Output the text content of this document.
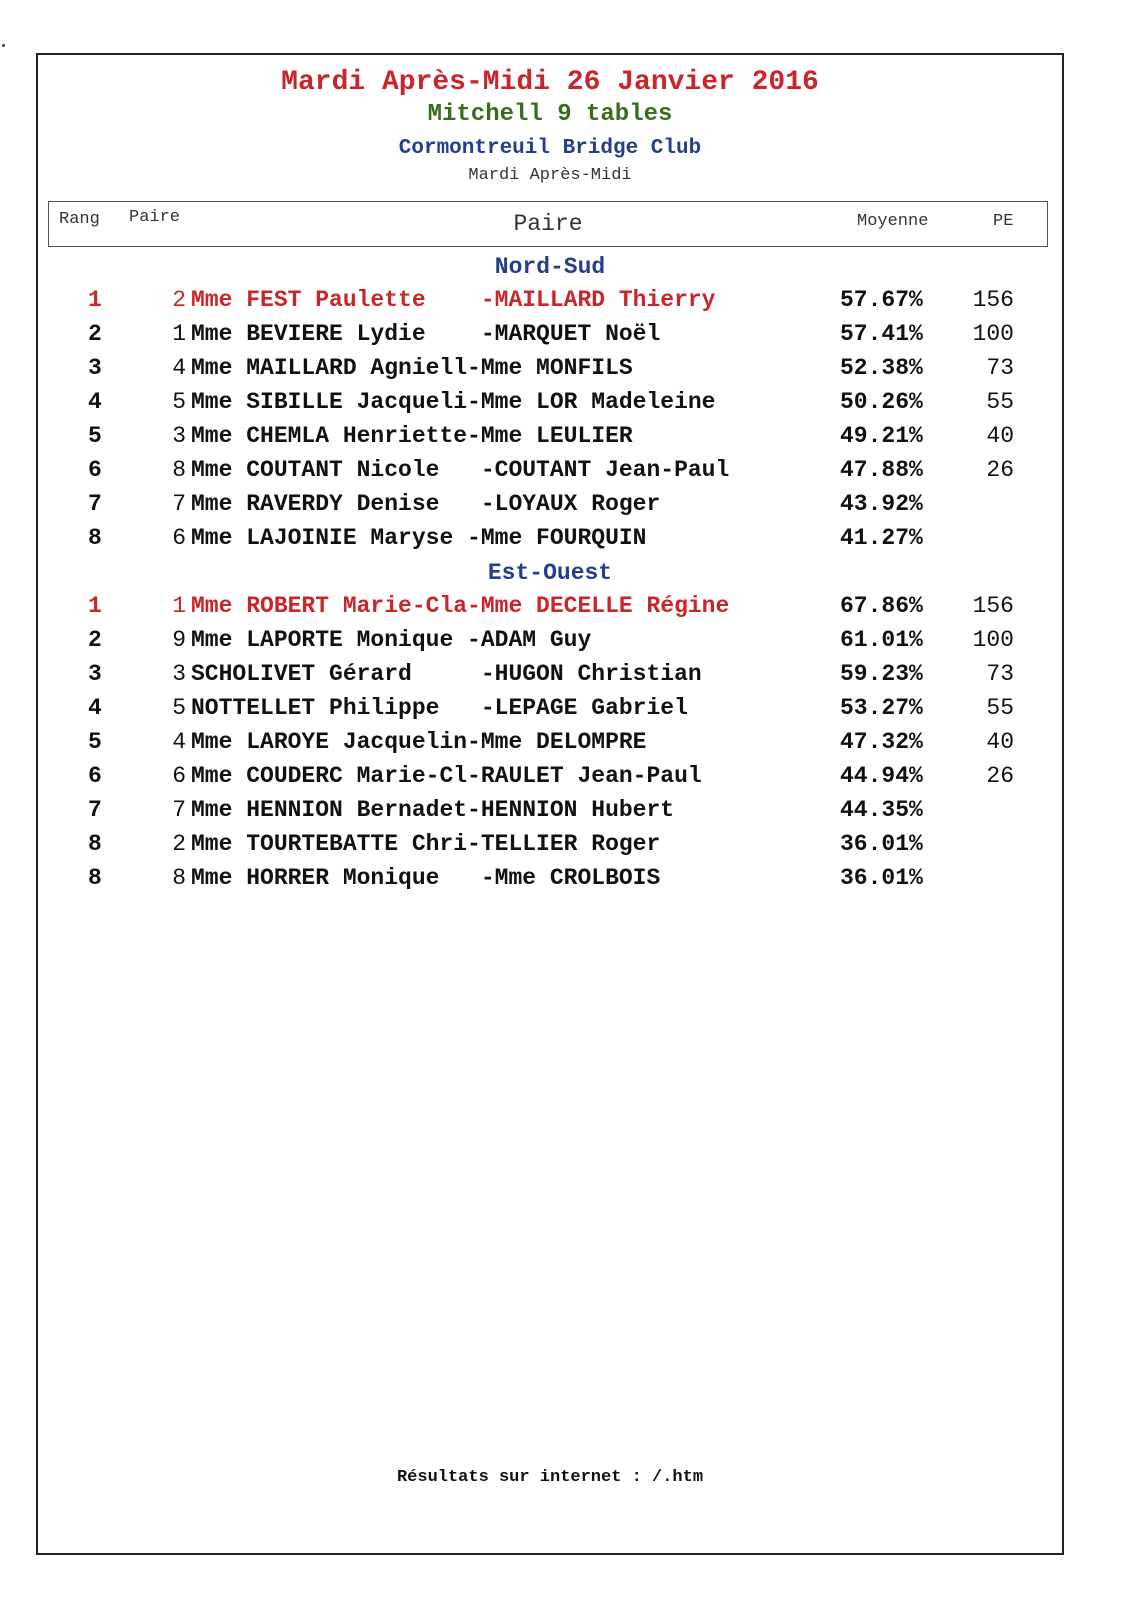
Mardi Après-Midi 26 Janvier 2016
Mitchell 9 tables
Cormontreuil Bridge Club
Mardi Après-Midi
Rang Paire	Paire	Moyenne	PE
Nord-Sud
1	2 Mme FEST Paulette    -MAILLARD Thierry	57.67%	156
2	1 Mme BEVIERE Lydie    -MARQUET Noël	57.41%	100
3	4 Mme MAILLARD Agniell-Mme MONFILS	52.38%	73
4	5 Mme SIBILLE Jacqueli-Mme LOR Madeleine	50.26%	55
5	3 Mme CHEMLA Henriette-Mme LEULIER	49.21%	40
6	8 Mme COUTANT Nicole   -COUTANT Jean-Paul	47.88%	26
7	7 Mme RAVERDY Denise   -LOYAUX Roger	43.92%
8	6 Mme LAJOINIE Maryse -Mme FOURQUIN	41.27%
Est-Ouest
1	1 Mme ROBERT Marie-Cla-Mme DECELLE Régine	67.86%	156
2	9 Mme LAPORTE Monique -ADAM Guy	61.01%	100
3	3 SCHOLIVET Gérard     -HUGON Christian	59.23%	73
4	5 NOTTELLET Philippe   -LEPAGE Gabriel	53.27%	55
5	4 Mme LAROYE Jacquelin-Mme DELOMPRE	47.32%	40
6	6 Mme COUDERC Marie-Cl-RAULET Jean-Paul	44.94%	26
7	7 Mme HENNION Bernadet-HENNION Hubert	44.35%
8	2 Mme TOURTEBATTE Chri-TELLIER Roger	36.01%
8	8 Mme HORRER Monique   -Mme CROLBOIS	36.01%
Résultats sur internet : /.htm
